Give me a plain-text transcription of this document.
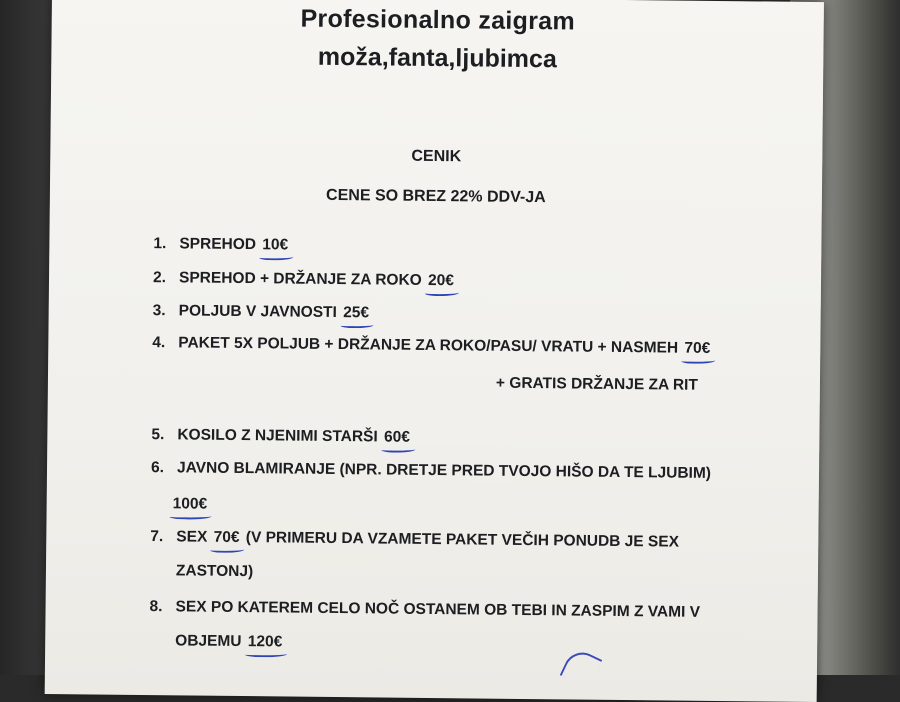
Profesionalno zaigram
moža,fanta,ljubimca
CENIK
CENE SO BREZ 22% DDV-JA
1. SPREHOD 10€
2. SPREHOD + DRŽANJE ZA ROKO 20€
3. POLJUB V JAVNOSTI 25€
4. PAKET 5X POLJUB + DRŽANJE ZA ROKO/PASU/ VRATU + NASMEH 70€
+ GRATIS DRŽANJE ZA RIT
5. KOSILO Z NJENIMI STARŠI 60€
6. JAVNO BLAMIRANJE (NPR. DRETJE PRED TVOJO HIŠO DA TE LJUBIM)
100€
7. SEX 70€ (V PRIMERU DA VZAMETE PAKET VEČIH PONUDB JE SEX
ZASTONJ)
8. SEX PO KATEREM CELO NOČ OSTANEM OB TEBI IN ZASPIM Z VAMI V
OBJEMU 120€
